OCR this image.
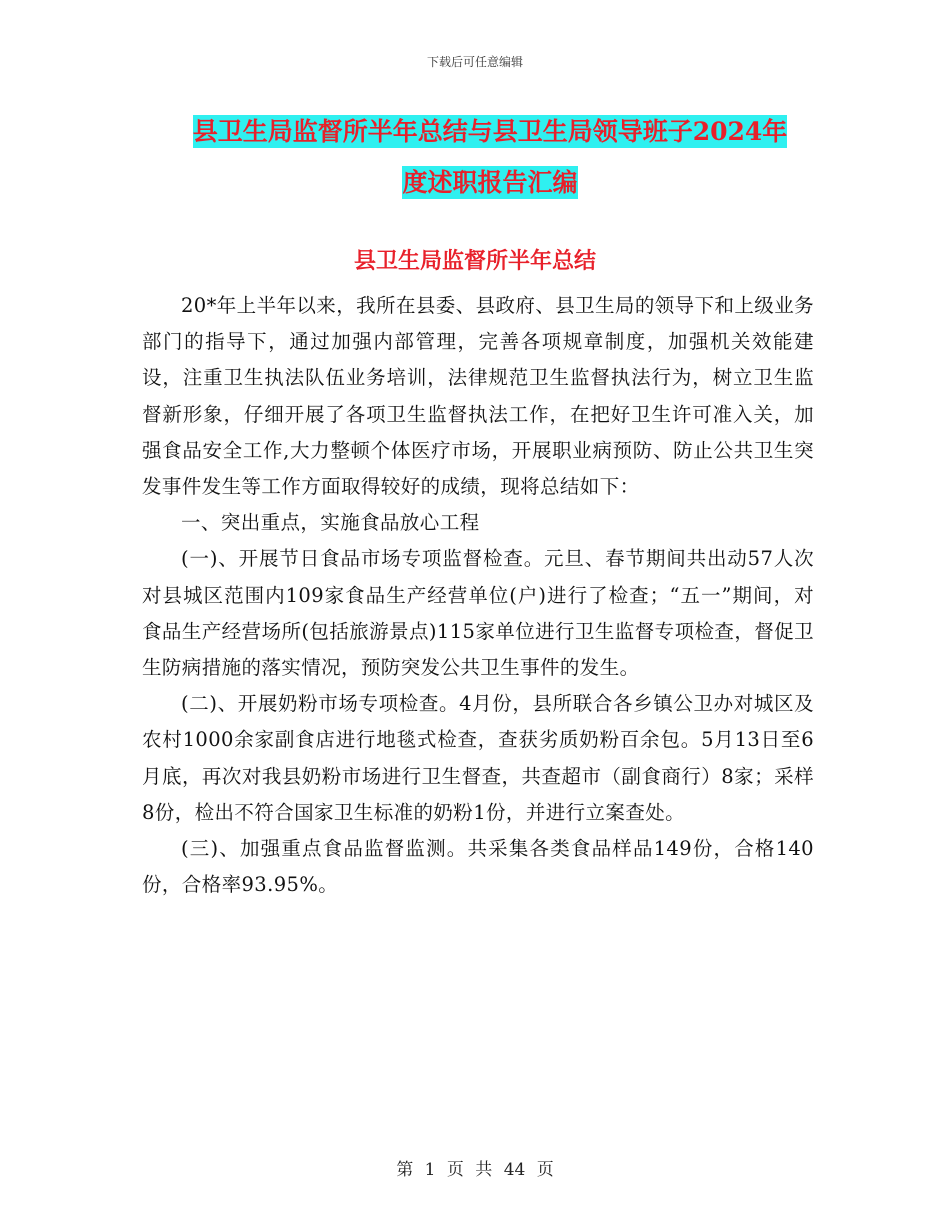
下载后可任意编辑
县卫生局监督所半年总结与县卫生局领导班子2024年
度述职报告汇编
县卫生局监督所半年总结

20*年上半年以来，我所在县委、县政府、县卫生局的领导下和上级业务部门的指导下，通过加强内部管理，完善各项规章制度，加强机关效能建设，注重卫生执法队伍业务培训，法律规范卫生监督执法行为，树立卫生监督新形象，仔细开展了各项卫生监督执法工作，在把好卫生许可准入关，加强食品安全工作,大力整顿个体医疗市场，开展职业病预防、防止公共卫生突发事件发生等工作方面取得较好的成绩，现将总结如下：

一、突出重点，实施食品放心工程

(一)、开展节日食品市场专项监督检查。元旦、春节期间共出动57人次对县城区范围内109家食品生产经营单位(户)进行了检查；“五一”期间，对食品生产经营场所(包括旅游景点)115家单位进行卫生监督专项检查，督促卫生防病措施的落实情况，预防突发公共卫生事件的发生。

(二)、开展奶粉市场专项检查。4月份，县所联合各乡镇公卫办对城区及农村1000余家副食店进行地毯式检查，查获劣质奶粉百余包。5月13日至6月底，再次对我县奶粉市场进行卫生督查，共查超市（副食商行）8家；采样8份，检出不符合国家卫生标准的奶粉1份，并进行立案查处。

(三)、加强重点食品监督监测。共采集各类食品样品149份，合格140份，合格率93.95%。

第 1 页 共 44 页
